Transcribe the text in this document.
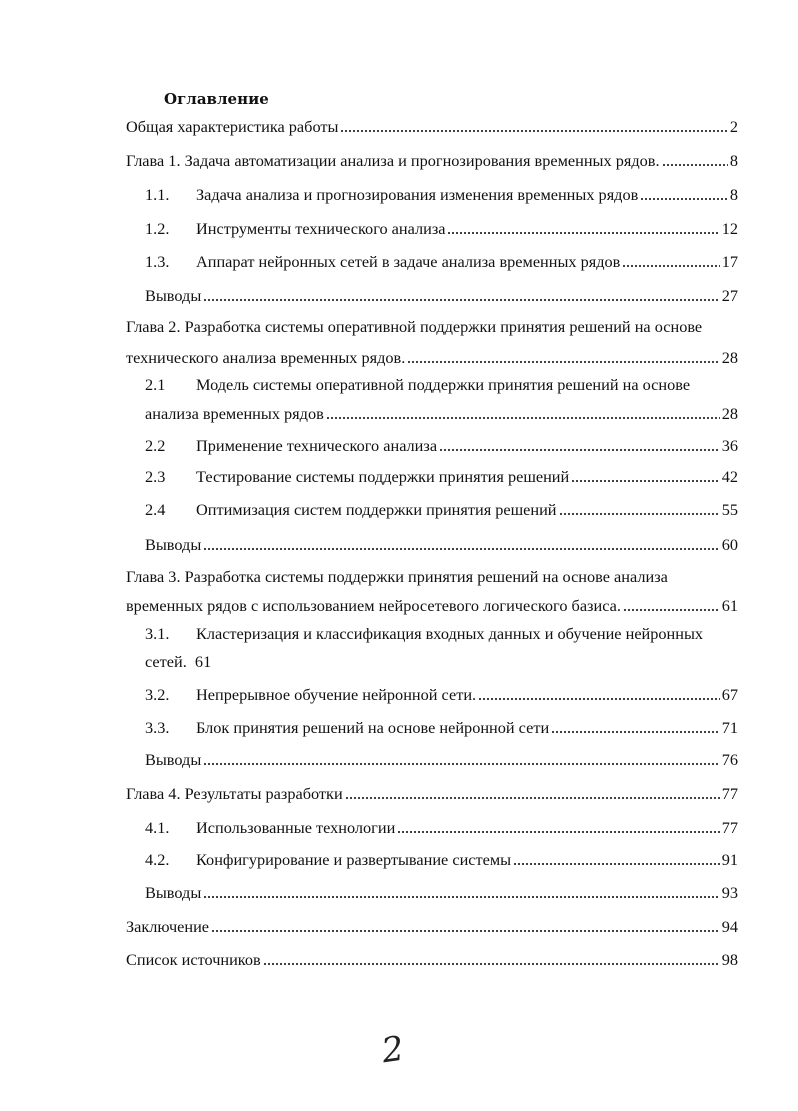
Оглавление
Общая характеристика работы	2
Глава 1. Задача автоматизации анализа и прогнозирования временных рядов.	8
1.1.	Задача анализа и прогнозирования изменения временных рядов	8
1.2.	Инструменты технического анализа	12
1.3.	Аппарат нейронных сетей в задаче анализа временных рядов	17
Выводы	27
Глава 2. Разработка системы оперативной поддержки принятия решений на основе
технического анализа временных рядов.	28
2.1 Модель системы оперативной поддержки принятия решений на основе
анализа временных рядов	28
2.2	Применение технического анализа	36
2.3	Тестирование системы поддержки принятия решений	42
2.4	Оптимизация систем поддержки принятия решений	55
Выводы	60
Глава 3. Разработка системы поддержки принятия решений на основе анализа
временных рядов с использованием нейросетевого логического базиса.	61
3.1. Кластеризация и классификация входных данных и обучение нейронных
сетей. 61
3.2.	Непрерывное обучение нейронной сети.	67
3.3.	Блок принятия решений на основе нейронной сети	71
Выводы	76
Глава 4. Результаты разработки	77
4.1.	Использованные технологии	77
4.2.	Конфигурирование и развертывание системы	91
Выводы	93
Заключение	94
Список источников	98
2
